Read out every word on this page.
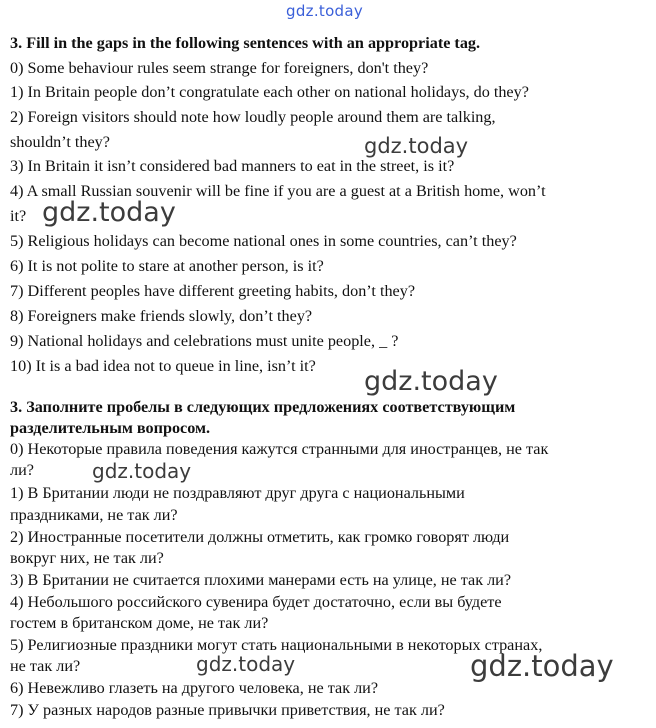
gdz.today
3. Fill in the gaps in the following sentences with an appropriate tag.
0) Some behaviour rules seem strange for foreigners, don't they?
1) In Britain people don’t congratulate each other on national holidays, do they?
2) Foreign visitors should note how loudly people around them are talking,
shouldn’t they?
3) In Britain it isn’t considered bad manners to eat in the street, is it?
4) A small Russian souvenir will be fine if you are a guest at a British home, won’t
it?
5) Religious holidays can become national ones in some countries, can’t they?
6) It is not polite to stare at another person, is it?
7) Different peoples have different greeting habits, don’t they?
8) Foreigners make friends slowly, don’t they?
9) National holidays and celebrations must unite people, _ ?
10) It is a bad idea not to queue in line, isn’t it?
3. Заполните пробелы в следующих предложениях соответствующим
разделительным вопросом.
0) Некоторые правила поведения кажутся странными для иностранцев, не так
ли?
1) В Британии люди не поздравляют друг друга с национальными
праздниками, не так ли?
2) Иностранные посетители должны отметить, как громко говорят люди
вокруг них, не так ли?
3) В Британии не считается плохими манерами есть на улице, не так ли?
4) Небольшого российского сувенира будет достаточно, если вы будете
гостем в британском доме, не так ли?
5) Религиозные праздники могут стать национальными в некоторых странах,
не так ли?
6) Невежливо глазеть на другого человека, не так ли?
7) У разных народов разные привычки приветствия, не так ли?
gdz.today
gdz.today
gdz.today
gdz.today
gdz.today	gdz.today
